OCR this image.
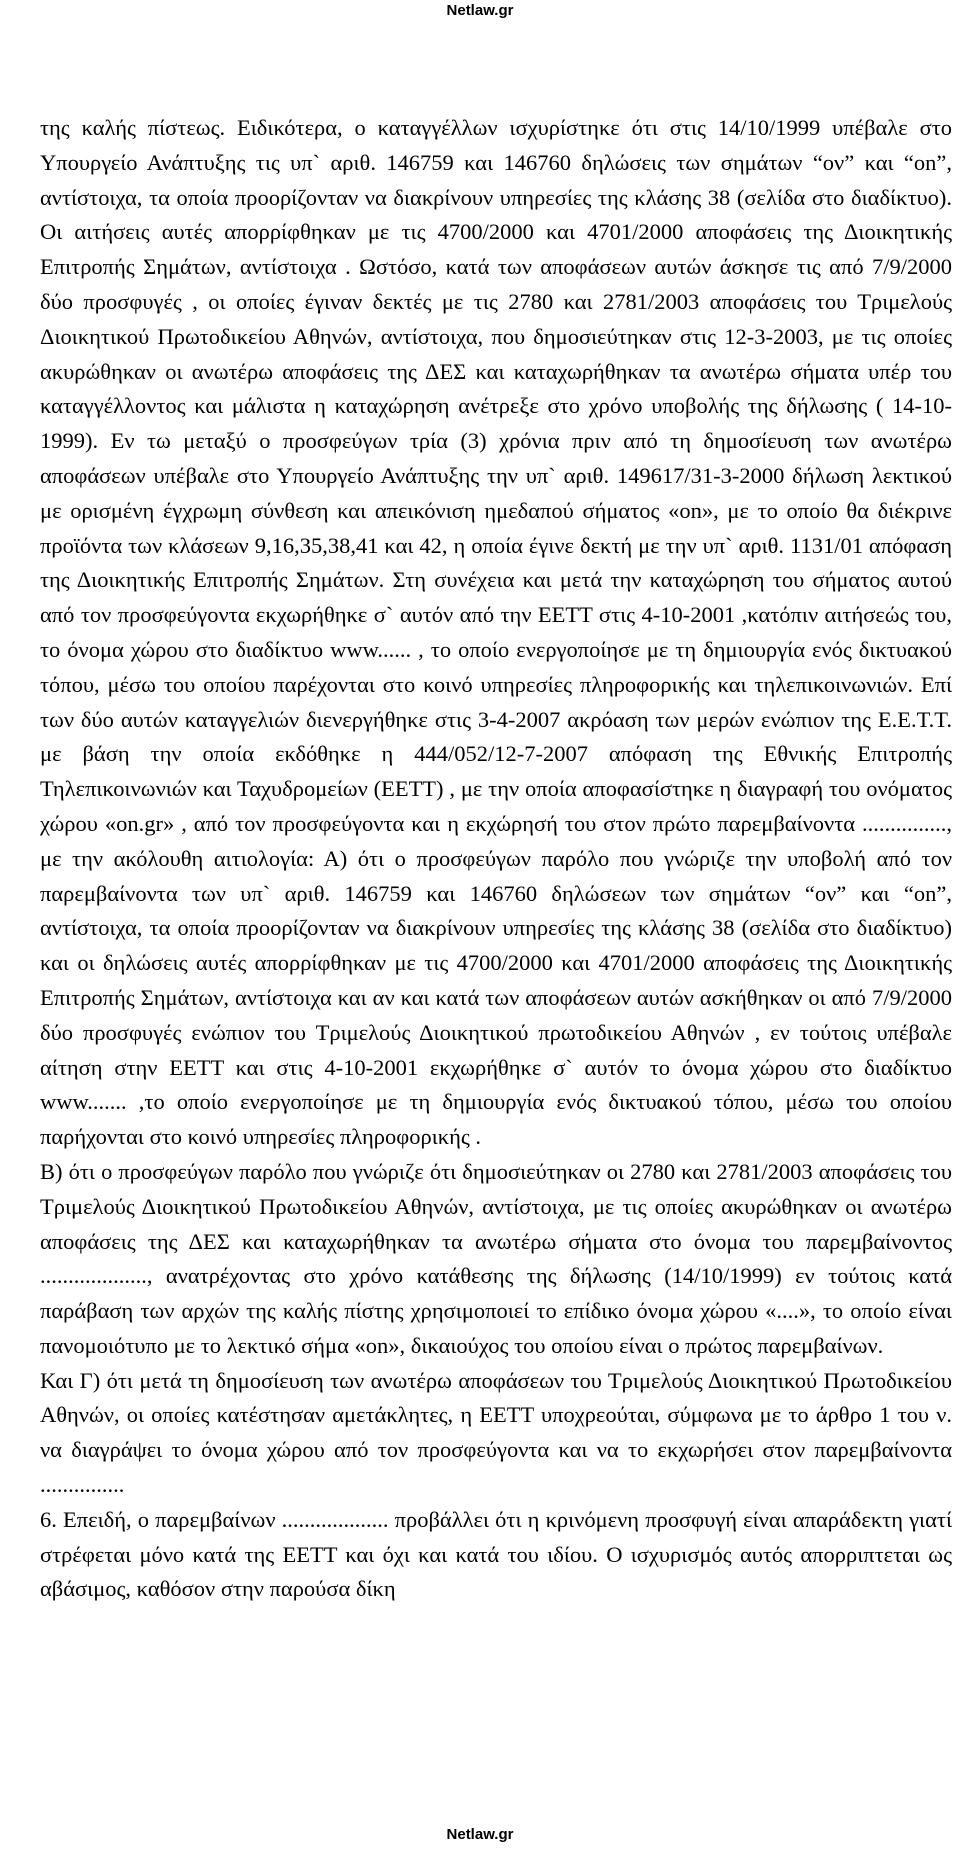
Netlaw.gr

της καλής πίστεως. Ειδικότερα, ο καταγγέλλων ισχυρίστηκε ότι στις 14/10/1999 υπέβαλε στο Υπουργείο Ανάπτυξης τις υπ` αριθ. 146759 και 146760 δηλώσεις των σημάτων “ον” και “on”, αντίστοιχα, τα οποία προορίζονταν να διακρίνουν υπηρεσίες της κλάσης 38 (σελίδα στο διαδίκτυο). Οι αιτήσεις αυτές απορρίφθηκαν με τις 4700/2000 και 4701/2000 αποφάσεις της Διοικητικής Επιτροπής Σημάτων, αντίστοιχα . Ωστόσο, κατά των αποφάσεων αυτών άσκησε τις από 7/9/2000 δύο προσφυγές , οι οποίες έγιναν δεκτές με τις 2780 και 2781/2003 αποφάσεις του Τριμελούς Διοικητικού Πρωτοδικείου Αθηνών, αντίστοιχα, που δημοσιεύτηκαν στις 12-3-2003, με τις οποίες ακυρώθηκαν οι ανωτέρω αποφάσεις της ΔΕΣ και καταχωρήθηκαν τα ανωτέρω σήματα υπέρ του καταγγέλλοντος και μάλιστα η καταχώρηση ανέτρεξε στο χρόνο υποβολής της δήλωσης ( 14-10-1999). Εν τω μεταξύ ο προσφεύγων τρία (3) χρόνια πριν από τη δημοσίευση των ανωτέρω αποφάσεων υπέβαλε στο Υπουργείο Ανάπτυξης την υπ` αριθ. 149617/31-3-2000 δήλωση λεκτικού με ορισμένη έγχρωμη σύνθεση και απεικόνιση ημεδαπού σήματος «on», με το οποίο θα διέκρινε προϊόντα των κλάσεων 9,16,35,38,41 και 42, η οποία έγινε δεκτή με την υπ` αριθ. 1131/01 απόφαση της Διοικητικής Επιτροπής Σημάτων. Στη συνέχεια και μετά την καταχώρηση του σήματος αυτού από τον προσφεύγοντα εκχωρήθηκε σ` αυτόν από την ΕΕΤΤ στις 4-10-2001 ,κατόπιν αιτήσεώς του, το όνομα χώρου στο διαδίκτυο www...... , το οποίο ενεργοποίησε με τη δημιουργία ενός δικτυακού τόπου, μέσω του οποίου παρέχονται στο κοινό υπηρεσίες πληροφορικής και τηλεπικοινωνιών. Επί των δύο αυτών καταγγελιών διενεργήθηκε στις 3-4-2007 ακρόαση των μερών ενώπιον της Ε.Ε.Τ.Τ. με βάση την οποία εκδόθηκε η 444/052/12-7-2007 απόφαση της Εθνικής Επιτροπής Τηλεπικοινωνιών και Ταχυδρομείων (ΕΕΤΤ) , με την οποία αποφασίστηκε η διαγραφή του ονόματος χώρου «on.gr» , από τον προσφεύγοντα και η εκχώρησή του στον πρώτο παρεμβαίνοντα ..............., με την ακόλουθη αιτιολογία: Α) ότι ο προσφεύγων παρόλο που γνώριζε την υποβολή από τον παρεμβαίνοντα των υπ` αριθ. 146759 και 146760 δηλώσεων των σημάτων “ον” και “on”, αντίστοιχα, τα οποία προορίζονταν να διακρίνουν υπηρεσίες της κλάσης 38 (σελίδα στο διαδίκτυο) και οι δηλώσεις αυτές απορρίφθηκαν με τις 4700/2000 και 4701/2000 αποφάσεις της Διοικητικής Επιτροπής Σημάτων, αντίστοιχα και αν και κατά των αποφάσεων αυτών ασκήθηκαν οι από 7/9/2000 δύο προσφυγές ενώπιον του Τριμελούς Διοικητικού πρωτοδικείου Αθηνών , εν τούτοις υπέβαλε αίτηση στην ΕΕΤΤ και στις 4-10-2001 εκχωρήθηκε σ` αυτόν το όνομα χώρου στο διαδίκτυο www....... ,το οποίο ενεργοποίησε με τη δημιουργία ενός δικτυακού τόπου, μέσω του οποίου παρήχονται στο κοινό υπηρεσίες πληροφορικής .

Β) ότι ο προσφεύγων παρόλο που γνώριζε ότι δημοσιεύτηκαν οι 2780 και 2781/2003 αποφάσεις του Τριμελούς Διοικητικού Πρωτοδικείου Αθηνών, αντίστοιχα, με τις οποίες ακυρώθηκαν οι ανωτέρω αποφάσεις της ΔΕΣ και καταχωρήθηκαν τα ανωτέρω σήματα στο όνομα του παρεμβαίνοντος ..................., ανατρέχοντας στο χρόνο κατάθεσης της δήλωσης (14/10/1999) εν τούτοις κατά παράβαση των αρχών της καλής πίστης χρησιμοποιεί το επίδικο όνομα χώρου «....», το οποίο είναι πανομοιότυπο με το λεκτικό σήμα «on», δικαιούχος του οποίου είναι ο πρώτος παρεμβαίνων.

Και Γ) ότι μετά τη δημοσίευση των ανωτέρω αποφάσεων του Τριμελούς Διοικητικού Πρωτοδικείου Αθηνών, οι οποίες κατέστησαν αμετάκλητες, η ΕΕΤΤ υποχρεούται, σύμφωνα με το άρθρο 1 του ν. να διαγράψει το όνομα χώρου από τον προσφεύγοντα και να το εκχωρήσει στον παρεμβαίνοντα ...............

6. Επειδή, ο παρεμβαίνων ................... προβάλλει ότι η κρινόμενη προσφυγή είναι απαράδεκτη γιατί στρέφεται μόνο κατά της ΕΕΤΤ και όχι και κατά του ιδίου. Ο ισχυρισμός αυτός απορριπτεται ως αβάσιμος, καθόσον στην παρούσα δίκη

Netlaw.gr
